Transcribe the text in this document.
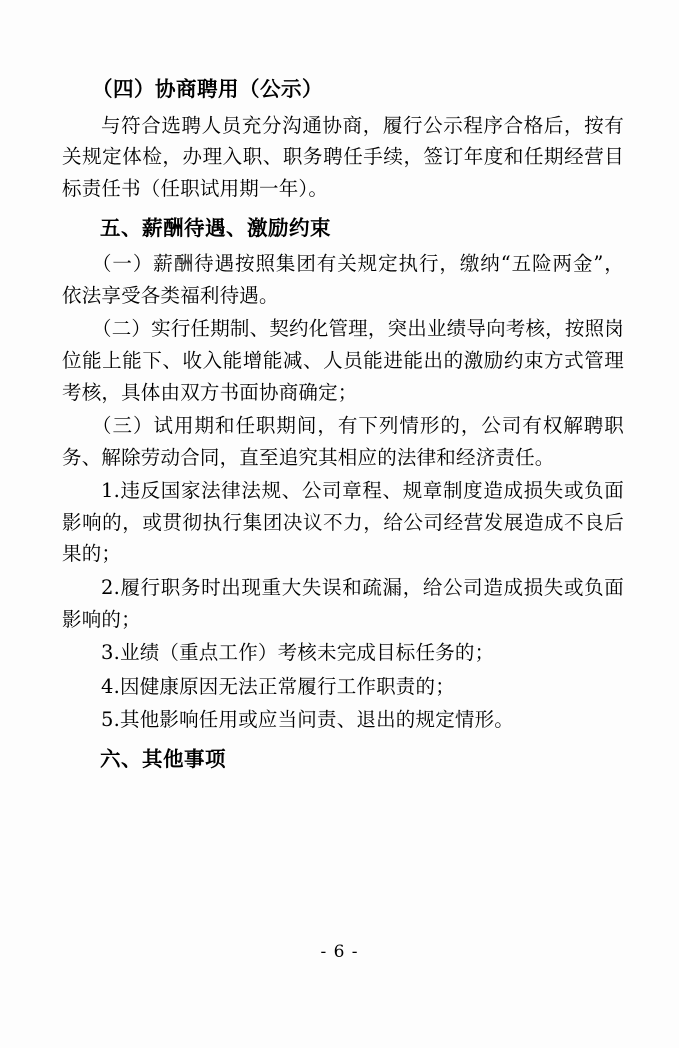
（四）协商聘用（公示）
与符合选聘人员充分沟通协商，履行公示程序合格后，按有关规定体检，办理入职、职务聘任手续，签订年度和任期经营目标责任书（任职试用期一年）。
五、薪酬待遇、激励约束
（一）薪酬待遇按照集团有关规定执行，缴纳“五险两金”，依法享受各类福利待遇。
（二）实行任期制、契约化管理，突出业绩导向考核，按照岗位能上能下、收入能增能减、人员能进能出的激励约束方式管理考核，具体由双方书面协商确定；
（三）试用期和任职期间，有下列情形的，公司有权解聘职务、解除劳动合同，直至追究其相应的法律和经济责任。
1.违反国家法律法规、公司章程、规章制度造成损失或负面影响的，或贯彻执行集团决议不力，给公司经营发展造成不良后果的；
2.履行职务时出现重大失误和疏漏，给公司造成损失或负面影响的；
3.业绩（重点工作）考核未完成目标任务的；
4.因健康原因无法正常履行工作职责的；
5.其他影响任用或应当问责、退出的规定情形。
六、其他事项
- 6 -
